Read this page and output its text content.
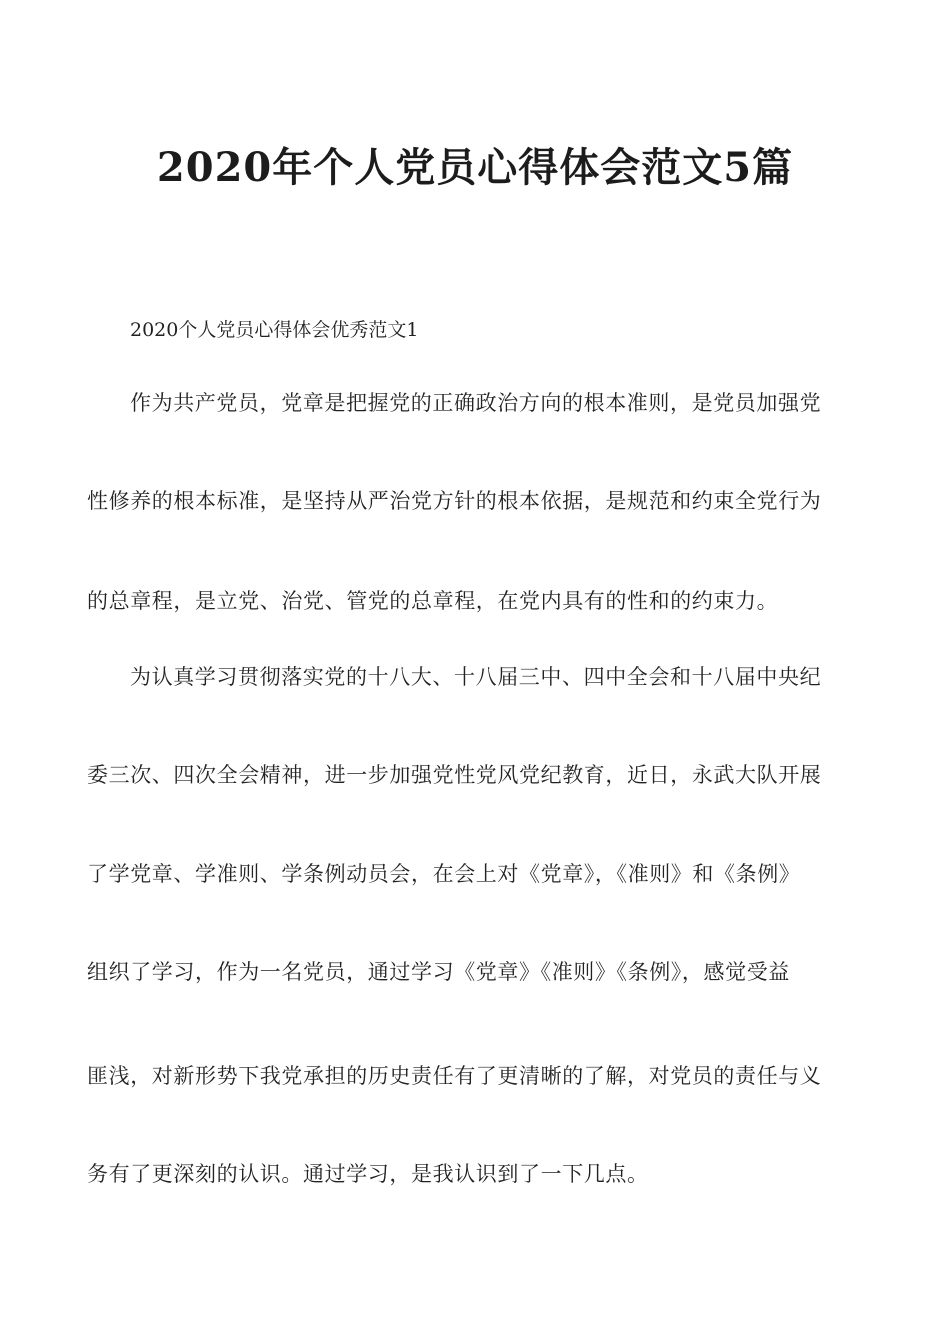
2020年个人党员心得体会范文5篇

2020个人党员心得体会优秀范文1

作为共产党员，党章是把握党的正确政治方向的根本准则，是党员加强党

性修养的根本标准，是坚持从严治党方针的根本依据，是规范和约束全党行为

的总章程，是立党、治党、管党的总章程，在党内具有的性和的约束力。

为认真学习贯彻落实党的十八大、十八届三中、四中全会和十八届中央纪

委三次、四次全会精神，进一步加强党性党风党纪教育，近日，永武大队开展

了学党章、学准则、学条例动员会，在会上对《党章》，《准则》和《条例》

组织了学习，作为一名党员，通过学习《党章》《准则》《条例》，感觉受益

匪浅，对新形势下我党承担的历史责任有了更清晰的了解，对党员的责任与义

务有了更深刻的认识。通过学习，是我认识到了一下几点。
